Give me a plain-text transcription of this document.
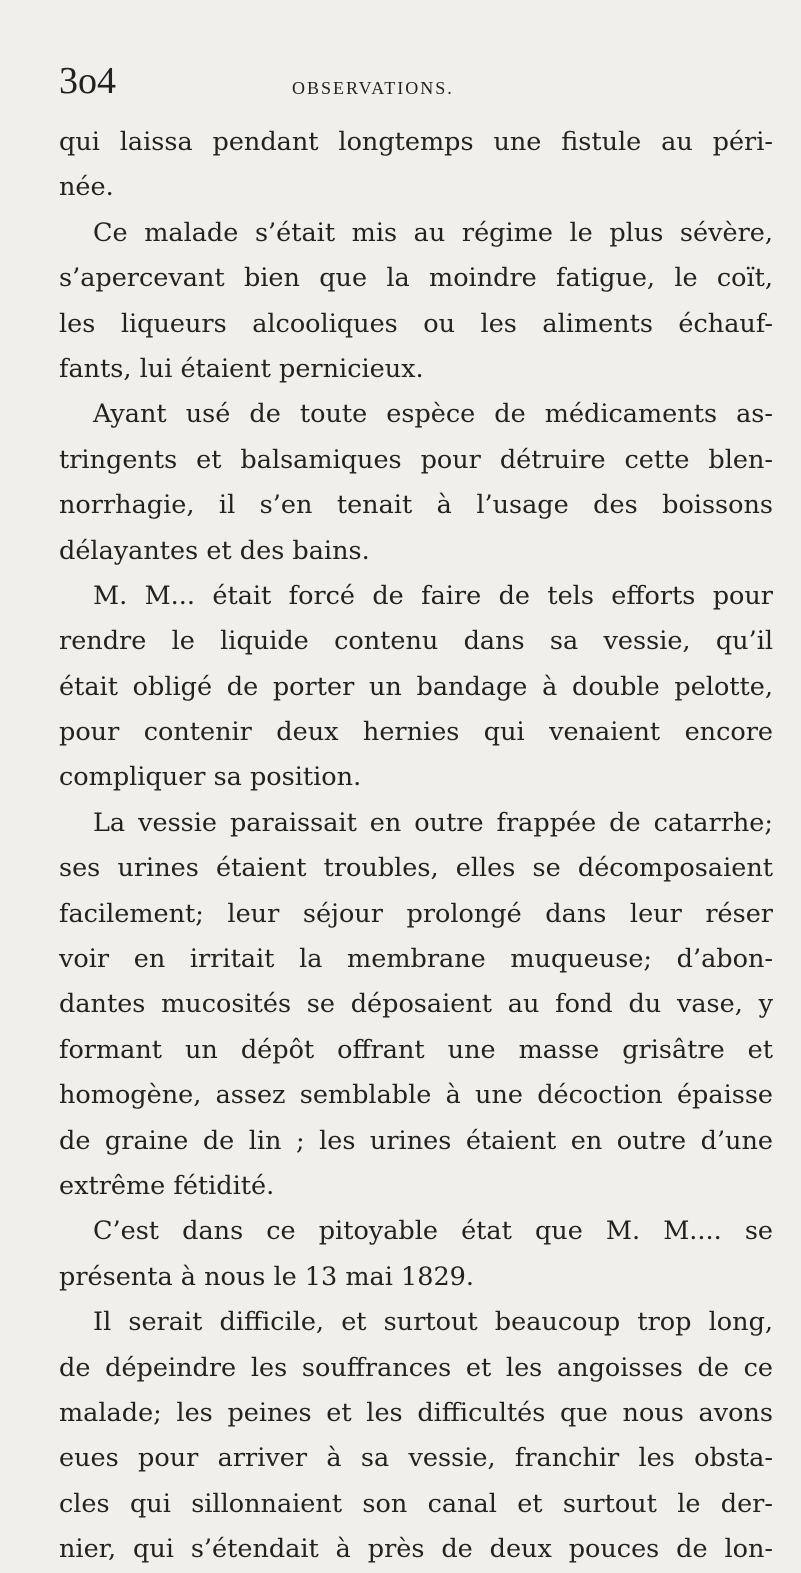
3o4	OBSERVATIONS.
qui laissa pendant longtemps une fistule au péri-
née.
Ce malade s’était mis au régime le plus sévère,
s’apercevant bien que la moindre fatigue, le coït,
les liqueurs alcooliques ou les aliments échauf-
fants, lui étaient pernicieux.
Ayant usé de toute espèce de médicaments as-
tringents et balsamiques pour détruire cette blen-
norrhagie, il s’en tenait à l’usage des boissons
délayantes et des bains.
M. M... était forcé de faire de tels efforts pour
rendre le liquide contenu dans sa vessie, qu’il
était obligé de porter un bandage à double pelotte,
pour contenir deux hernies qui venaient encore
compliquer sa position.
La vessie paraissait en outre frappée de catarrhe;
ses urines étaient troubles, elles se décomposaient
facilement; leur séjour prolongé dans leur réser
voir en irritait la membrane muqueuse; d’abon-
dantes mucosités se déposaient au fond du vase, y
formant un dépôt offrant une masse grisâtre et
homogène, assez semblable à une décoction épaisse
de graine de lin ; les urines étaient en outre d’une
extrême fétidité.
C’est dans ce pitoyable état que M. M.... se
présenta à nous le 13 mai 1829.
Il serait difficile, et surtout beaucoup trop long,
de dépeindre les souffrances et les angoisses de ce
malade; les peines et les difficultés que nous avons
eues pour arriver à sa vessie, franchir les obsta-
cles qui sillonnaient son canal et surtout le der-
nier, qui s’étendait à près de deux pouces de lon-
